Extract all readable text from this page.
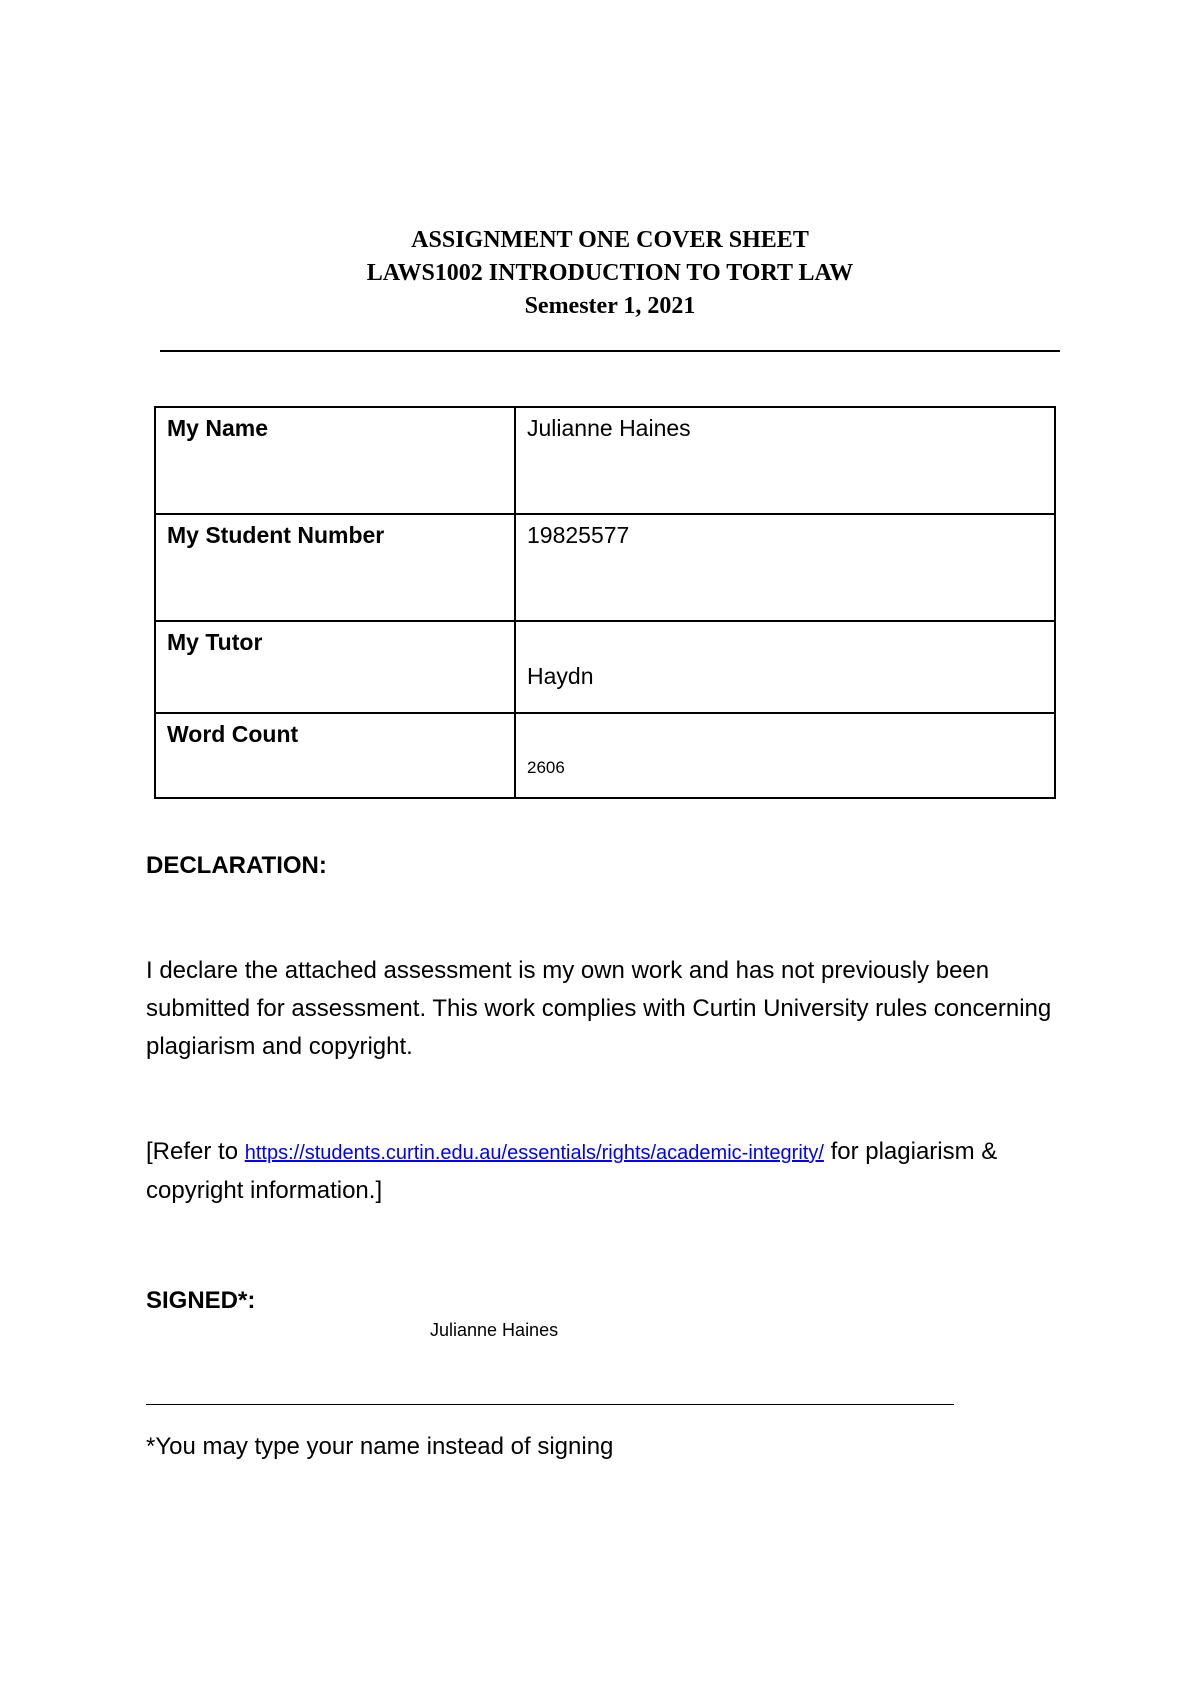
ASSIGNMENT ONE COVER SHEET
LAWS1002 INTRODUCTION TO TORT LAW
Semester 1, 2021
My Name	Julianne Haines
My Student Number	19825577
My Tutor	Haydn

Word Count	2606
DECLARATION:
I declare the attached assessment is my own work and has not previously been submitted for assessment. This work complies with Curtin University rules concerning plagiarism and copyright.
[Refer to https://students.curtin.edu.au/essentials/rights/academic-integrity/ for plagiarism & copyright information.]
SIGNED*:
Julianne Haines
*You may type your name instead of signing
